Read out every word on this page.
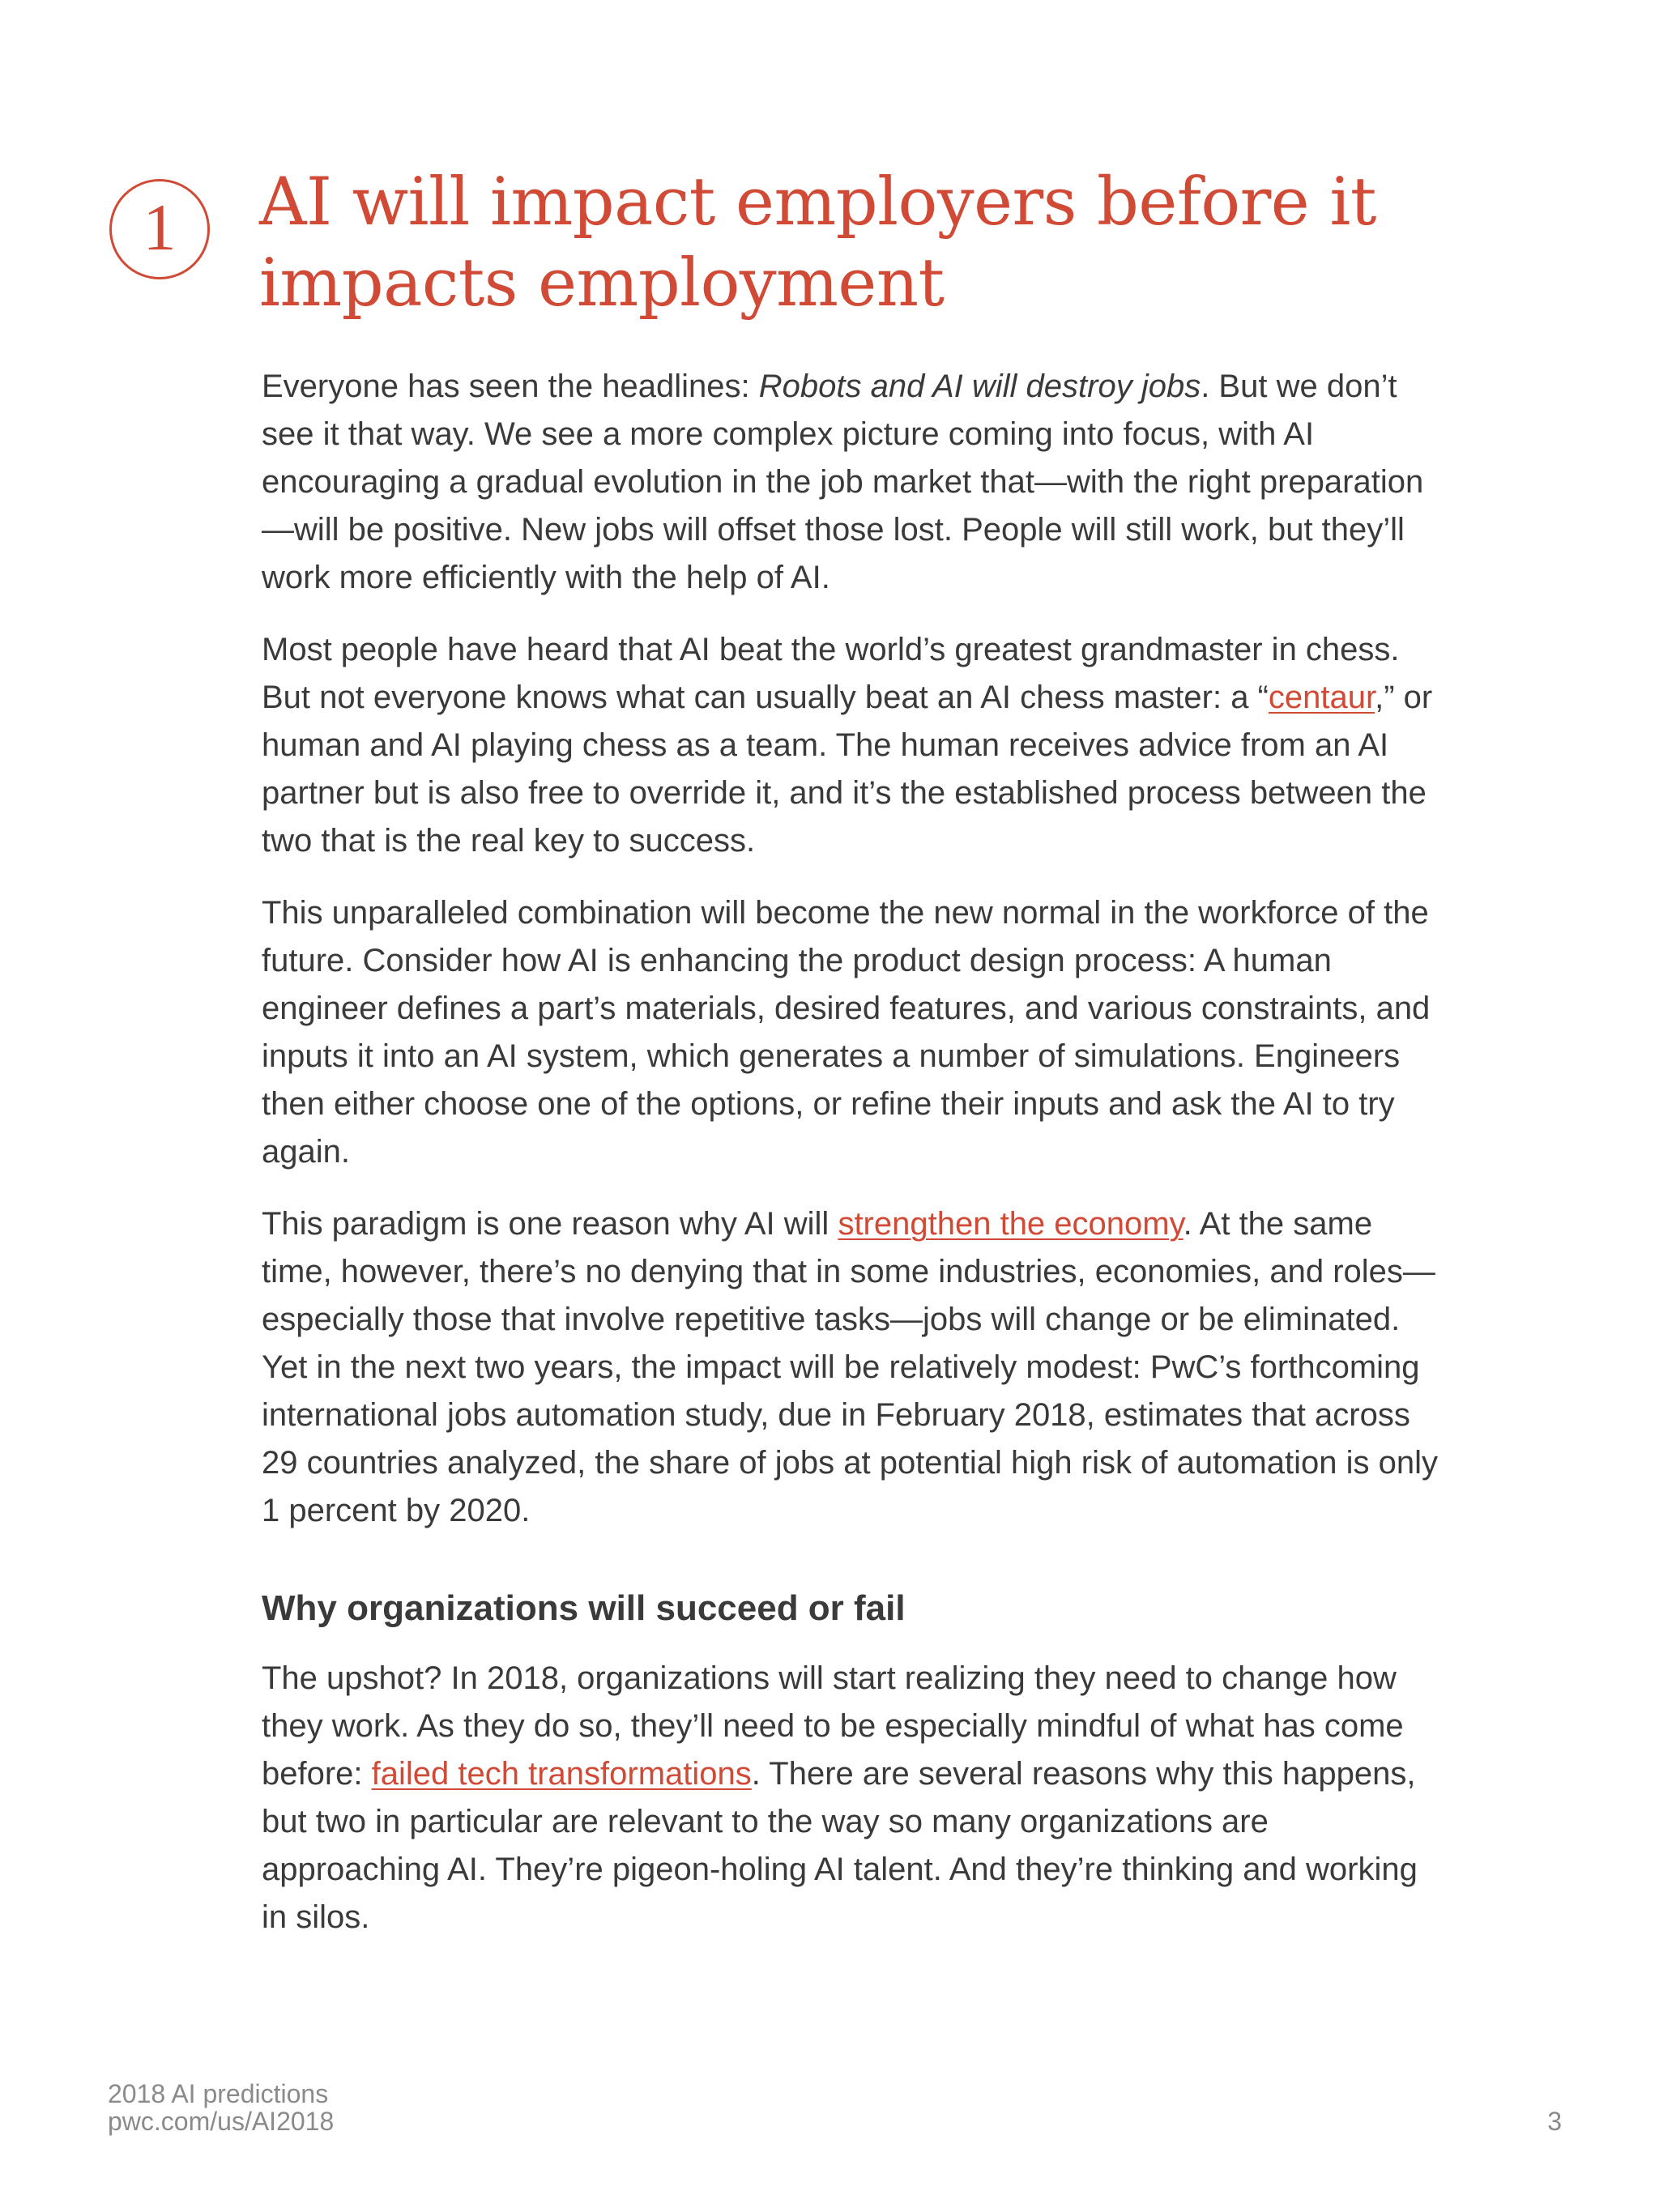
1 AI will impact employers before it
impacts employment

Everyone has seen the headlines: Robots and AI will destroy jobs. But we don’t see it that way. We see a more complex picture coming into focus, with AI encouraging a gradual evolution in the job market that—with the right preparation—will be positive. New jobs will offset those lost. People will still work, but they’ll work more efficiently with the help of AI.

Most people have heard that AI beat the world’s greatest grandmaster in chess. But not everyone knows what can usually beat an AI chess master: a “centaur,” or human and AI playing chess as a team. The human receives advice from an AI partner but is also free to override it, and it’s the established process between the two that is the real key to success.

This unparalleled combination will become the new normal in the workforce of the future. Consider how AI is enhancing the product design process: A human engineer defines a part’s materials, desired features, and various constraints, and inputs it into an AI system, which generates a number of simulations. Engineers then either choose one of the options, or refine their inputs and ask the AI to try again.

This paradigm is one reason why AI will strengthen the economy. At the same time, however, there’s no denying that in some industries, economies, and roles—especially those that involve repetitive tasks—jobs will change or be eliminated. Yet in the next two years, the impact will be relatively modest: PwC’s forthcoming international jobs automation study, due in February 2018, estimates that across 29 countries analyzed, the share of jobs at potential high risk of automation is only 1 percent by 2020.

Why organizations will succeed or fail

The upshot? In 2018, organizations will start realizing they need to change how they work. As they do so, they’ll need to be especially mindful of what has come before: failed tech transformations. There are several reasons why this happens, but two in particular are relevant to the way so many organizations are approaching AI. They’re pigeon-holing AI talent. And they’re thinking and working in silos.

2018 AI predictions
pwc.com/us/AI2018	3
